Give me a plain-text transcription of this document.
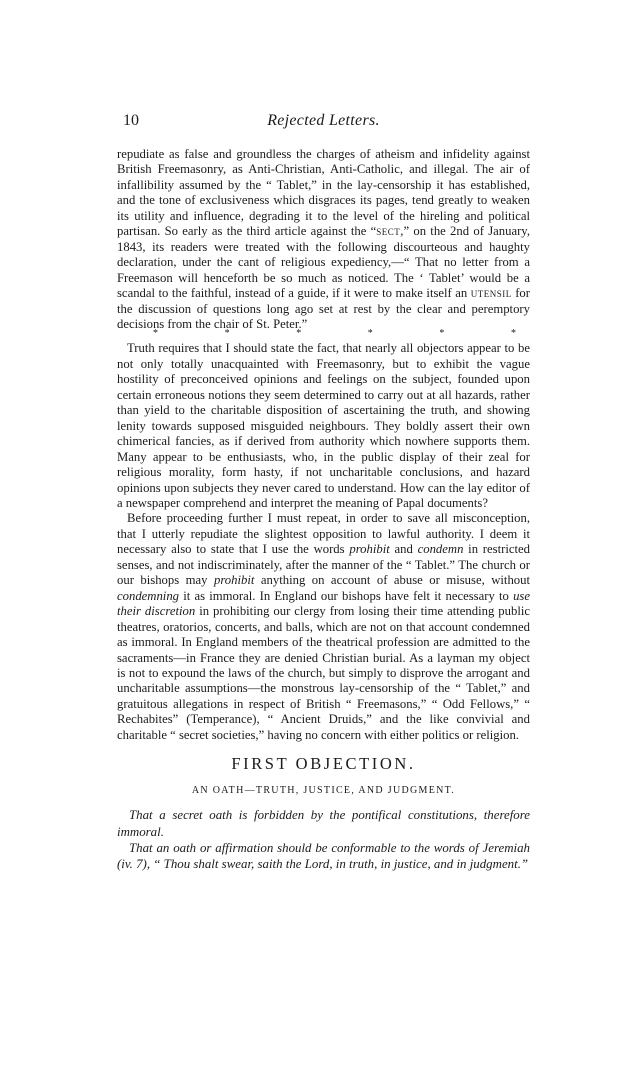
10	Rejected Letters.

repudiate as false and groundless the charges of atheism and infidelity against British Freemasonry, as Anti-Christian, Anti-Catholic, and illegal. The air of infallibility assumed by the “ Tablet,” in the lay-censorship it has established, and the tone of exclusiveness which disgraces its pages, tend greatly to weaken its utility and influence, degrading it to the level of the hireling and political partisan. So early as the third article against the “sect,” on the 2nd of January, 1843, its readers were treated with the following discourteous and haughty declaration, under the cant of religious expediency,—“ That no letter from a Freemason will henceforth be so much as noticed. The ‘ Tablet’ would be a scandal to the faithful, instead of a guide, if it were to make itself an utensil for the discussion of questions long ago set at rest by the clear and peremptory decisions from the chair of St. Peter.”

*	*	*	*	*	*

Truth requires that I should state the fact, that nearly all objectors appear to be not only totally unacquainted with Freemasonry, but to exhibit the vague hostility of preconceived opinions and feelings on the subject, founded upon certain erroneous notions they seem determined to carry out at all hazards, rather than yield to the charitable disposition of ascertaining the truth, and showing lenity towards supposed misguided neighbours. They boldly assert their own chimerical fancies, as if derived from authority which nowhere supports them. Many appear to be enthusiasts, who, in the public display of their zeal for religious morality, form hasty, if not uncharitable conclusions, and hazard opinions upon subjects they never cared to understand. How can the lay editor of a newspaper comprehend and interpret the meaning of Papal documents?

Before proceeding further I must repeat, in order to save all misconception, that I utterly repudiate the slightest opposition to lawful authority. I deem it necessary also to state that I use the words prohibit and condemn in restricted senses, and not indiscriminately, after the manner of the “ Tablet.” The church or our bishops may prohibit anything on account of abuse or misuse, without condemning it as immoral. In England our bishops have felt it necessary to use their discretion in prohibiting our clergy from losing their time attending public theatres, oratorios, concerts, and balls, which are not on that account condemned as immoral. In England members of the theatrical profession are admitted to the sacraments—in France they are denied Christian burial. As a layman my object is not to expound the laws of the church, but simply to disprove the arrogant and uncharitable assumptions—the monstrous lay-censorship of the “ Tablet,” and gratuitous allegations in respect of British “ Freemasons,” “ Odd Fellows,” “ Rechabites” (Temperance), “ Ancient Druids,” and the like convivial and charitable “ secret societies,” having no concern with either politics or religion.

FIRST OBJECTION.
AN OATH—TRUTH, JUSTICE, AND JUDGMENT.

That a secret oath is forbidden by the pontifical constitutions, therefore immoral.

That an oath or affirmation should be conformable to the words of Jeremiah (iv. 7), “ Thou shalt swear, saith the Lord, in truth, in justice, and in judgment.”
